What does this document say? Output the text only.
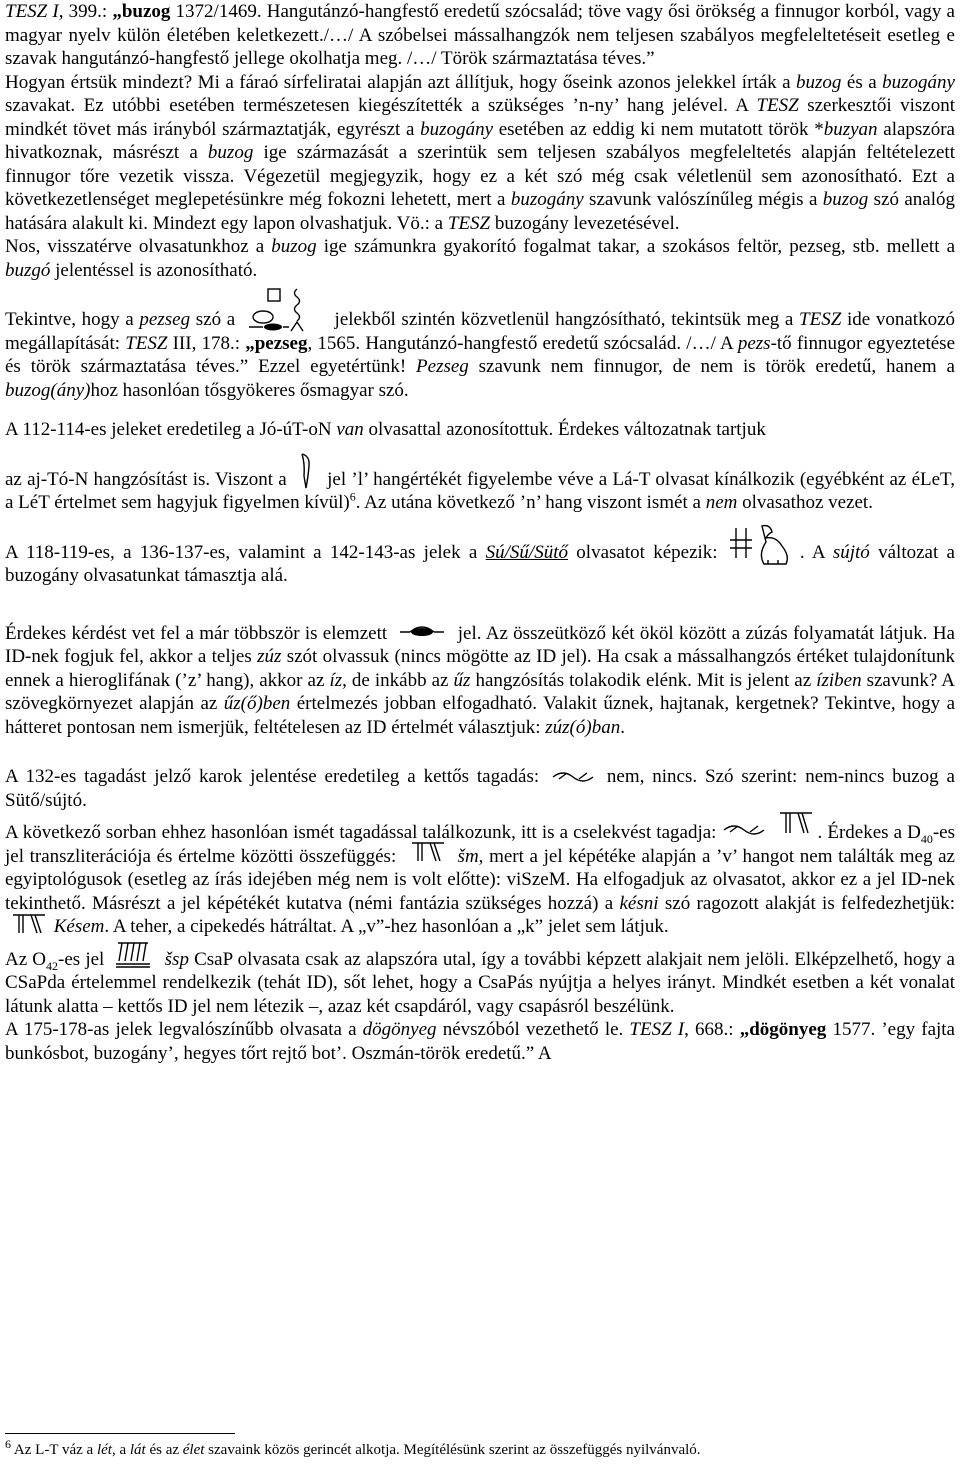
TESZ I, 399.: „buzog 1372/1469. Hangutánzó-hangfestő eredetű szócsalád; töve vagy ősi örökség a finnugor korból, vagy a magyar nyelv külön életében keletkezett./…/ A szóbelsei mássalhangzók nem teljesen szabályos megfeleltetéseit esetleg e szavak hangutánzó-hangfestő jellege okolhatja meg. /…/ Török származtatása téves.”

Hogyan értsük mindezt? Mi a fáraó sírfeliratai alapján azt állítjuk, hogy őseink azonos jelekkel írták a buzog és a buzogány szavakat. Ez utóbbi esetében természetesen kiegészítették a szükséges ’n-ny’ hang jelével. A TESZ szerkesztői viszont mindkét tövet más irányból származtatják, egyrészt a buzogány esetében az eddig ki nem mutatott török *buzyan alapszóra hivatkoznak, másrészt a buzog ige származását a szerintük sem teljesen szabályos megfeleltetés alapján feltételezett finnugor tőre vezetik vissza. Végezetül megjegyzik, hogy ez a két szó még csak véletlenül sem azonosítható. Ezt a következetlenséget meglepetésünkre még fokozni lehetett, mert a buzogány szavunk valószínűleg mégis a buzog szó analóg hatására alakult ki. Mindezt egy lapon olvashatjuk. Vö.: a TESZ buzogány levezetésével.

Nos, visszatérve olvasatunkhoz a buzog ige számunkra gyakorító fogalmat takar, a szokásos feltör, pezseg, stb. mellett a buzgó jelentéssel is azonosítható.

Tekintve, hogy a pezseg szó a	jelekből szintén közvetlenül hangzósítható, tekintsük meg a TESZ ide vonatkozó megállapítását: TESZ III, 178.: „pezseg, 1565. Hangutánzó-hangfestő eredetű szócsalád. /…/ A pezs-tő finnugor egyeztetése és török származtatása téves.” Ezzel egyetértünk! Pezseg szavunk nem finnugor, de nem is török eredetű, hanem a buzog(ány)hoz hasonlóan tősgyökeres ősmagyar szó.

A 112-114-es jeleket eredetileg a Jó-úT-oN van olvasattal azonosítottuk. Érdekes változatnak tartjuk

az aj-Tó-N hangzósítást is. Viszont a
jel ’l’ hangértékét figyelembe véve a Lá-T olvasat kínálkozik (egyébként az éLeT, a LéT értelmet sem hagyjuk figyelmen kívül)$^6$. Az utána következő ’n’ hang viszont ismét a nem olvasathoz vezet.

A 118-119-es, a 136-137-es, valamint a 142-143-as jelek a Sú/Sű/Sütő olvasatot képezik:	. A sújtó változat a buzogány olvasatunkat támasztja alá.

Érdekes kérdést vet fel a már többször is elemzett	jel. Az összeütköző két ököl között a zúzás folyamatát látjuk. Ha ID-nek fogjuk fel, akkor a teljes zúz szót olvassuk (nincs mögötte az ID jel). Ha csak a mássalhangzós értéket tulajdonítunk ennek a hieroglifának (’z’ hang), akkor az íz, de inkább az űz hangzósítás tolakodik elénk. Mit is jelent az íziben szavunk? A szövegkörnyezet alapján az űz(ő)ben értelmezés jobban elfogadható. Valakit űznek, hajtanak, kergetnek? Tekintve, hogy a hátteret pontosan nem ismerjük, feltételesen az ID értelmét választjuk: zúz(ó)ban.

A 132-es tagadást jelző karok jelentése eredetileg a kettős tagadás:	nem, nincs. Szó szerint: nem-nincs buzog a Sütő/sújtó.

A következő sorban ehhez hasonlóan ismét tagadással találkozunk, itt is a cselekvést tagadja:	. Érdekes a $D_{40}-es$ jel transzliterációja és értelme közötti összefüggés:	šm, mert a jel képétéke alapján a ’v’ hangot nem találták meg az egyiptológusok (esetleg az írás idejében még nem is volt előtte): viSzeM. Ha elfogadjuk az olvasatot, akkor ez a jel ID-nek tekinthető. Másrészt a jel képétékét kutatva (némi fantázia szükséges hozzá) a késni szó ragozott alakját is felfedezhetjük:
Késem. A teher, a cipekedés hátráltat. A „v”-hez hasonlóan a „k” jelet sem látjuk.

Az $O_{42}-es$ jel	šsp CsaP olvasata csak az alapszóra utal, így a további képzett alakjait nem jelöli. Elképzelhető, hogy a CSaPda értelemmel rendelkezik (tehát ID), sőt lehet, hogy a CsaPás nyújtja a helyes irányt. Mindkét esetben a két vonalat látunk alatta – kettős ID jel nem létezik –, azaz két csapdáról, vagy csapásról beszélünk.

A 175-178-as jelek legvalószínűbb olvasata a dögönyeg névszóból vezethető le. TESZ I, 668.: „dögönyeg 1577. ’egy fajta bunkósbot, buzogány’, hegyes tőrt rejtő bot’. Oszmán-török eredetű.” A

$^6$ Az L-T váz a lét, a lát és az élet szavaink közös gerincét alkotja. Megítélésünk szerint az összefüggés nyilvánvaló.
